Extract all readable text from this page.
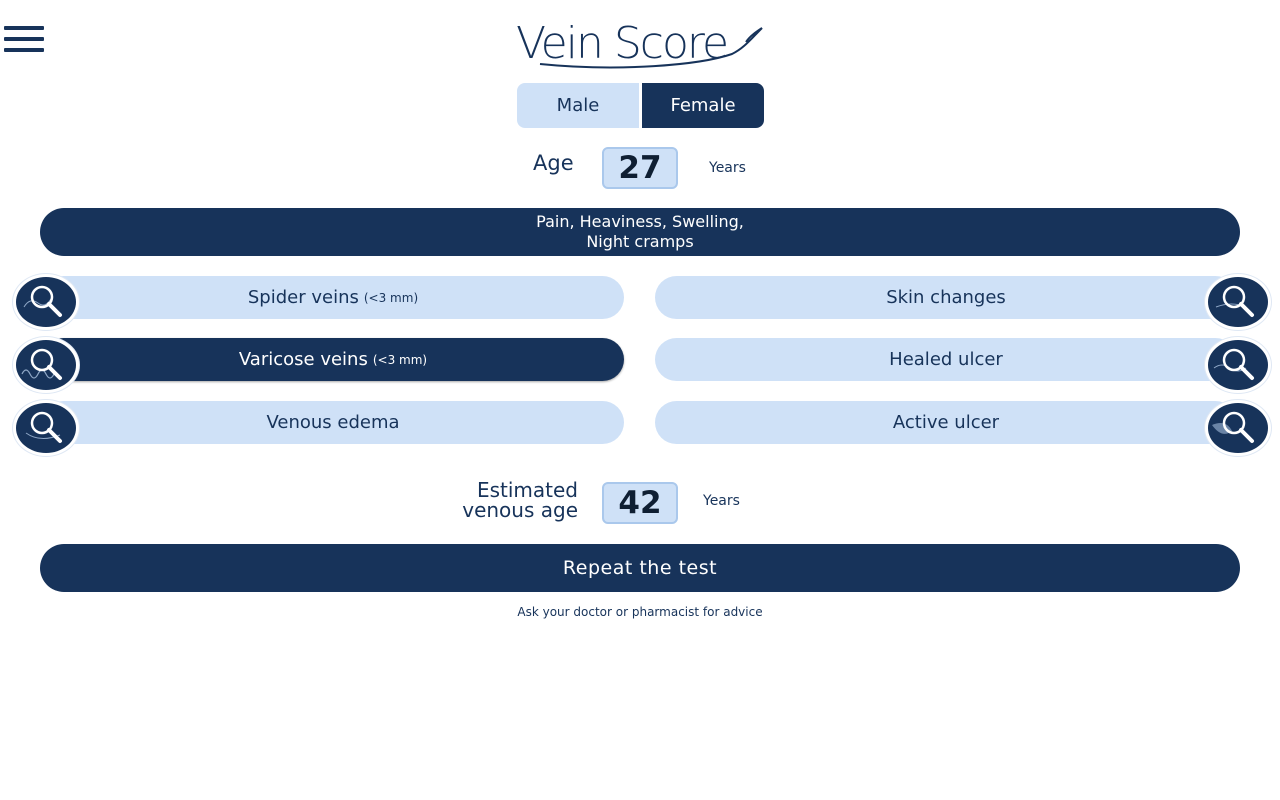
Vein Score
Male	Female
Age	27	Years
Pain, Heaviness, Swelling,
Night cramps
Spider veins (<3 mm)
Varicose veins (<3 mm)
Venous edema
Skin changes
Healed ulcer
Active ulcer
Estimated
venous age	42	Years
Repeat the test
Ask your doctor or pharmacist for advice
